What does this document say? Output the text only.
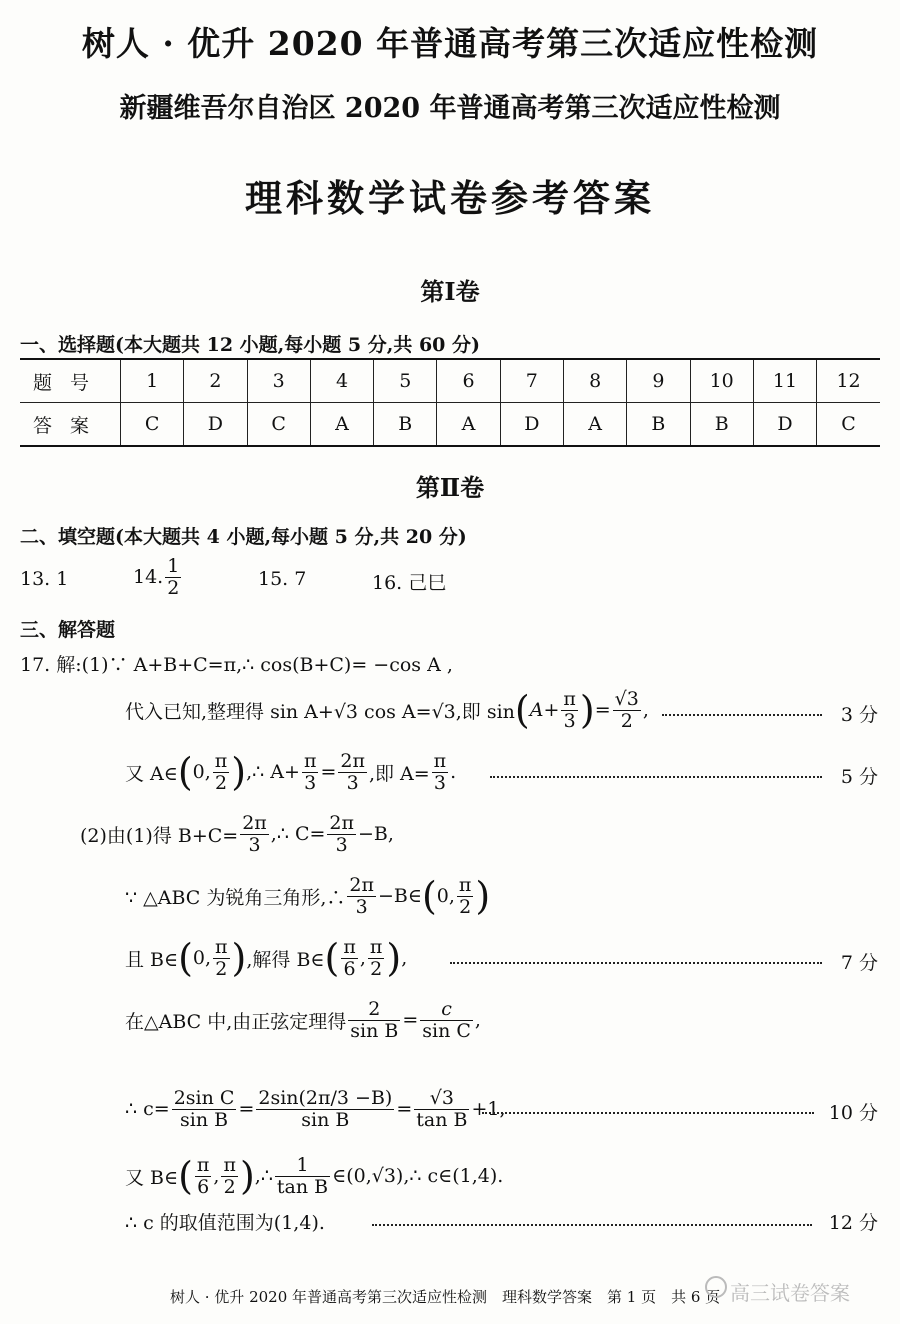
树人 · 优升 2020 年普通高考第三次适应性检测
新疆维吾尔自治区 2020 年普通高考第三次适应性检测
理科数学试卷参考答案
第Ⅰ卷
一、选择题(本大题共 12 小题,每小题 5 分,共 60 分)
题号	1	2	3	4	5	6	7	8	9	10	11	12
答案	C	D	C	A	B	A	D	A	B	B	D	C
第Ⅱ卷
二、填空题(本大题共 4 小题,每小题 5 分,共 20 分)
13. 1	14. $\frac{1}{2}$	15. 7	16. 己巳
三、解答题
17. 解:(1)∵ A+B+C=π,∴ cos(B+C)= −cos A ,
代入已知,整理得 sin A+√3 cos A=√3,即 sin ( $A+ \frac{\pi}{3}$ ) = $\frac{√3}{2}$ ,	3 分
又 A∈ ( 0, $\frac{\pi}{2}$ ) ,∴ $A+ \frac{\pi}{3} = \frac{2\pi}{3}$ ,即 $A= \frac{\pi}{3}$ .	5 分
(2)由(1)得 $B+C= \frac{2\pi}{3}$ ,∴ $C= \frac{2\pi}{3} -B$,
∵ △ABC 为锐角三角形,∴ $\frac{2\pi}{3}$ −B∈ ( 0, $\frac{\pi}{2}$ )
且 B∈ ( 0, $\frac{\pi}{2}$ ) ,解得 B∈ ( $\frac{\pi}{6}$ , $\frac{\pi}{2}$ ) ,	7 分
在△ABC 中,由正弦定理得 $\frac{2}{\text{sin B}} = \frac{c}{\text{sin C}}$ ,
∴ $c= \frac{\text{2sin C}}{\text{sin B}} = \frac{2\sin(2\pi/3 -B)}{\text{sin B}} = \frac{√3}{\text{tan B}} +1$,	10 分
又 B∈ ( $\frac{\pi}{6}$ , $\frac{\pi}{2}$ ) ,∴ $\frac{1}{\text{tan B}}$ ∈(0,√3),∴ c∈(1,4).
∴ c 的取值范围为(1,4).	12 分
树人 · 优升 2020 年普通高考第三次适应性检测　理科数学答案　第 1 页　共 6 页 高三试卷答案
